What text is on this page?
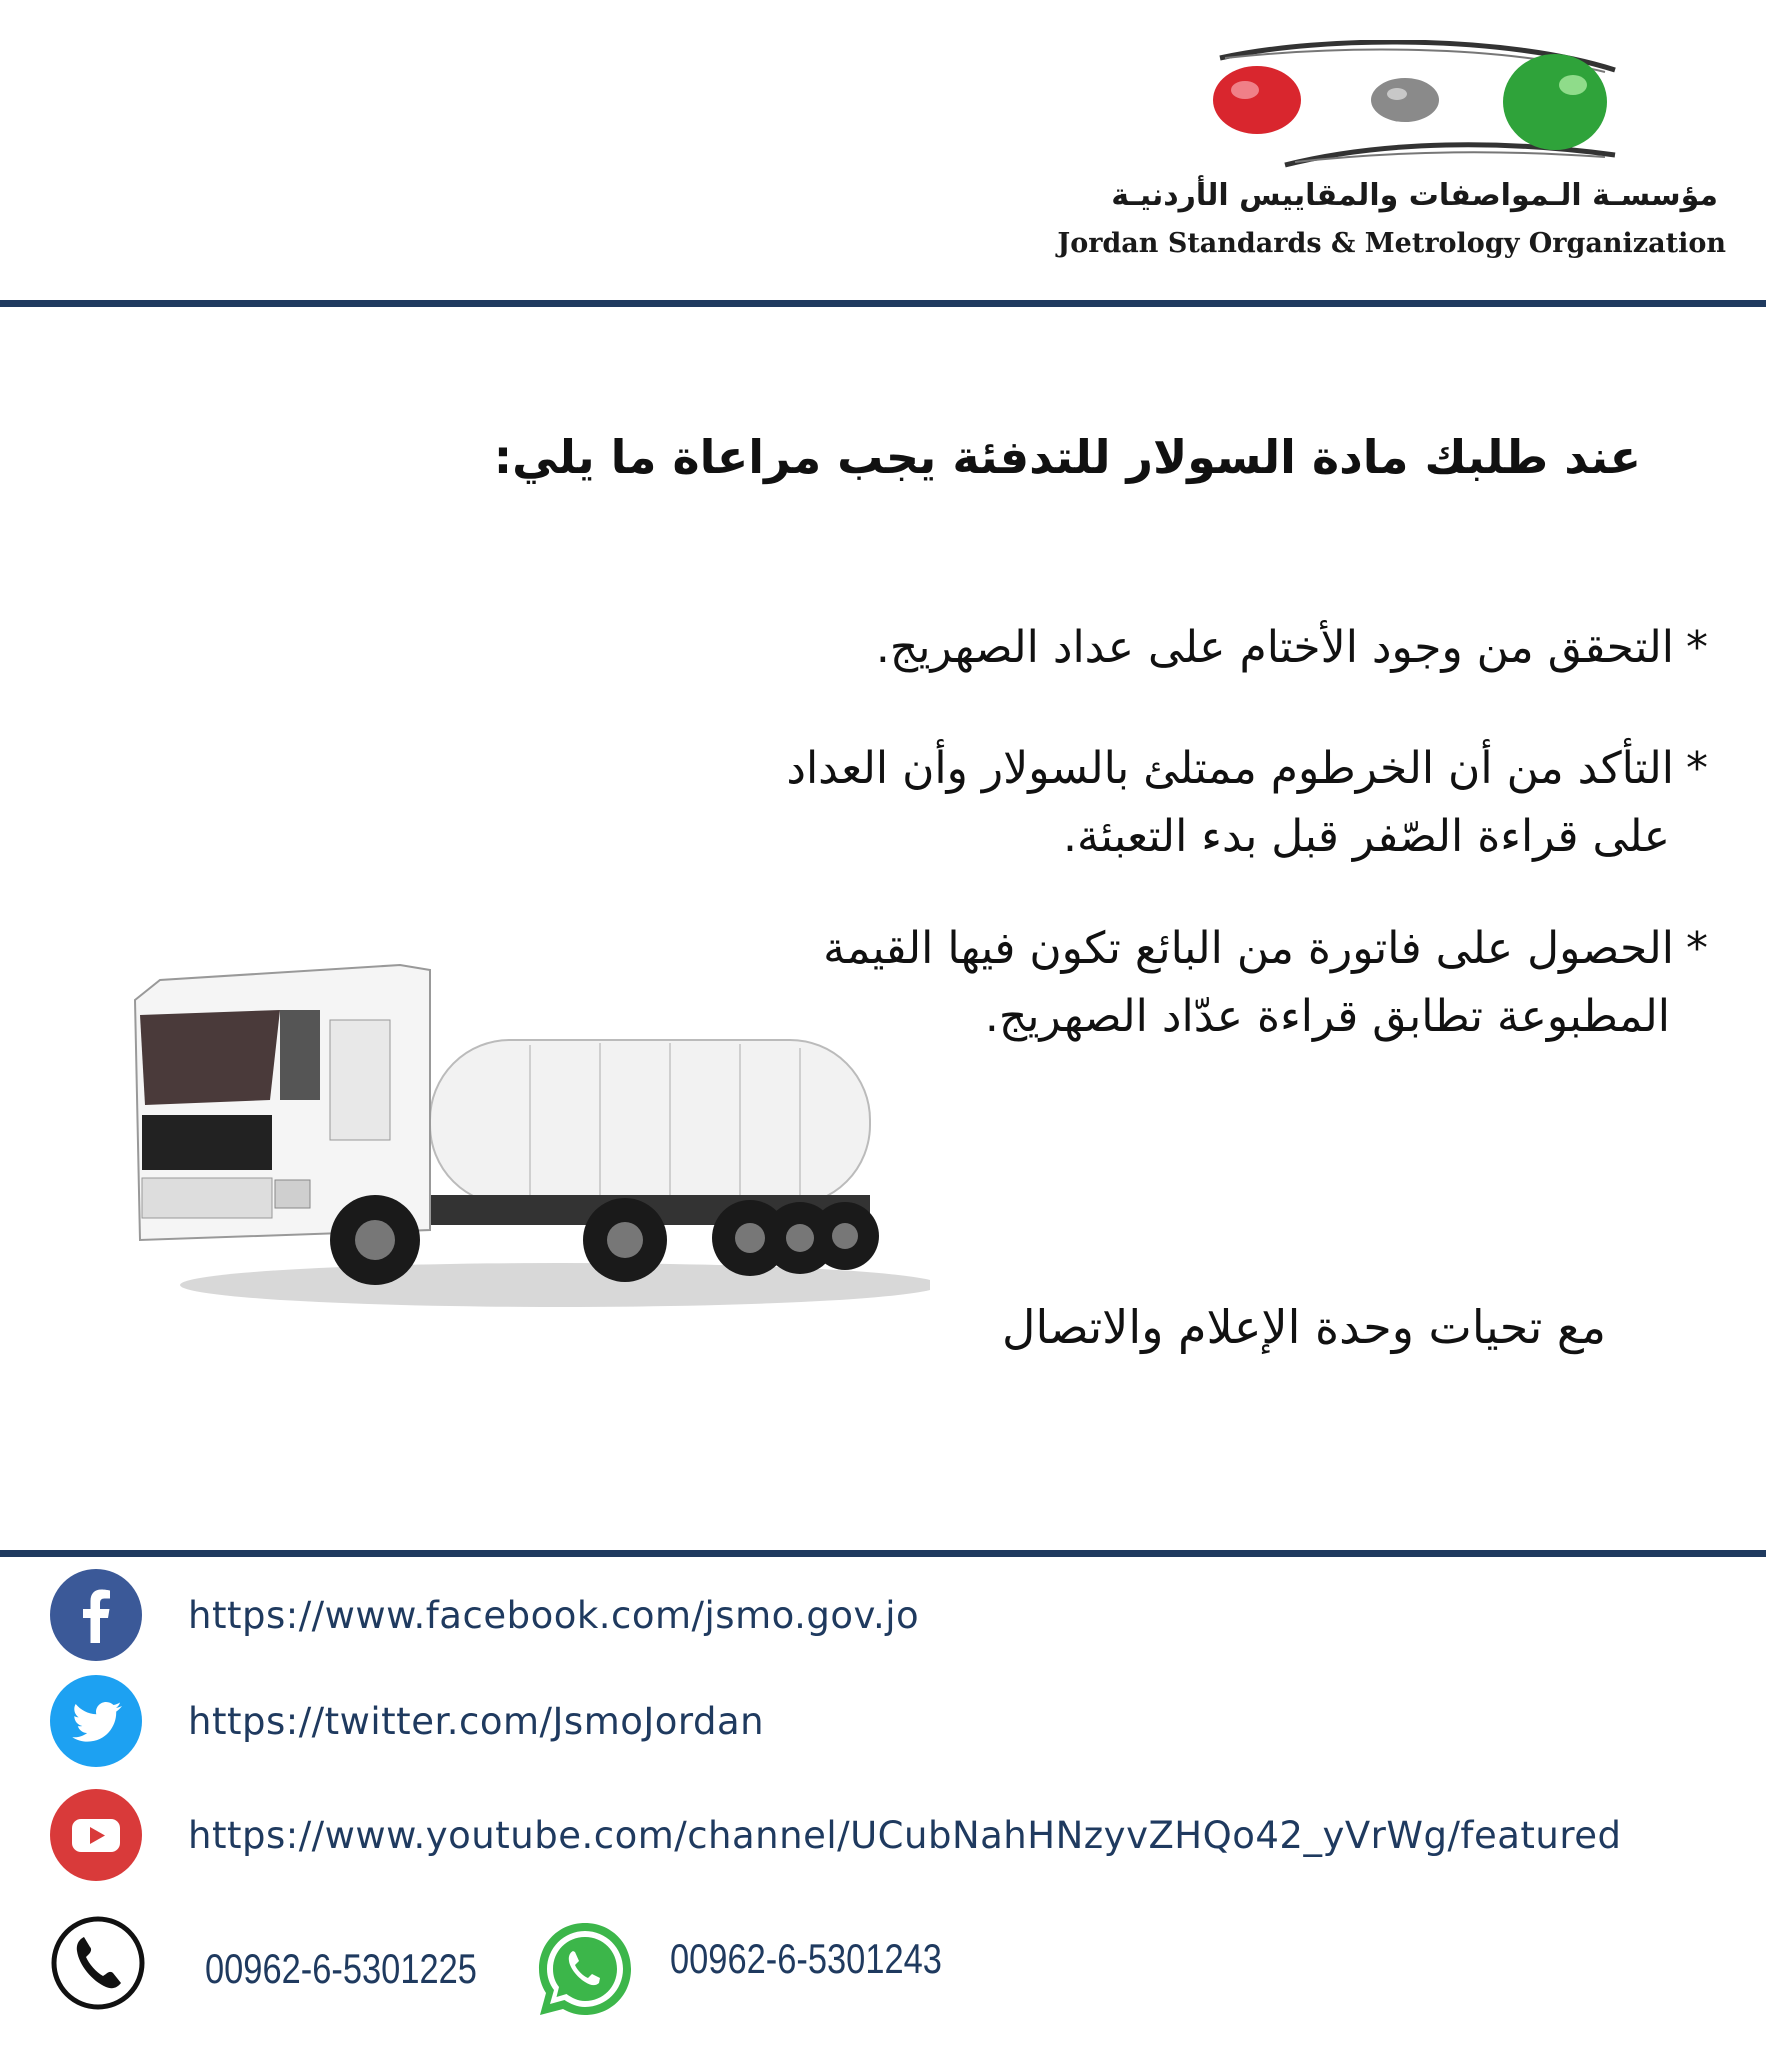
مؤسسـة الـمواصفات والمقاييس الأردنيـة
Jordan Standards & Metrology Organization
عند طلبك مادة السولار للتدفئة يجب مراعاة ما يلي:
*التحقق من وجود الأختام على عداد الصهريج.
*التأكد من أن الخرطوم ممتلئ بالسولار وأن العداد
على قراءة الصّفر قبل بدء التعبئة.
*الحصول على فاتورة من البائع تكون فيها القيمة
المطبوعة تطابق قراءة عدّاد الصهريج.
مع تحيات وحدة الإعلام والاتصال
https://www.facebook.com/jsmo.gov.jo
https://twitter.com/JsmoJordan
https://www.youtube.com/channel/UCubNahHNzyvZHQo42_yVrWg/featured
00962-6-5301225	00962-6-5301243
